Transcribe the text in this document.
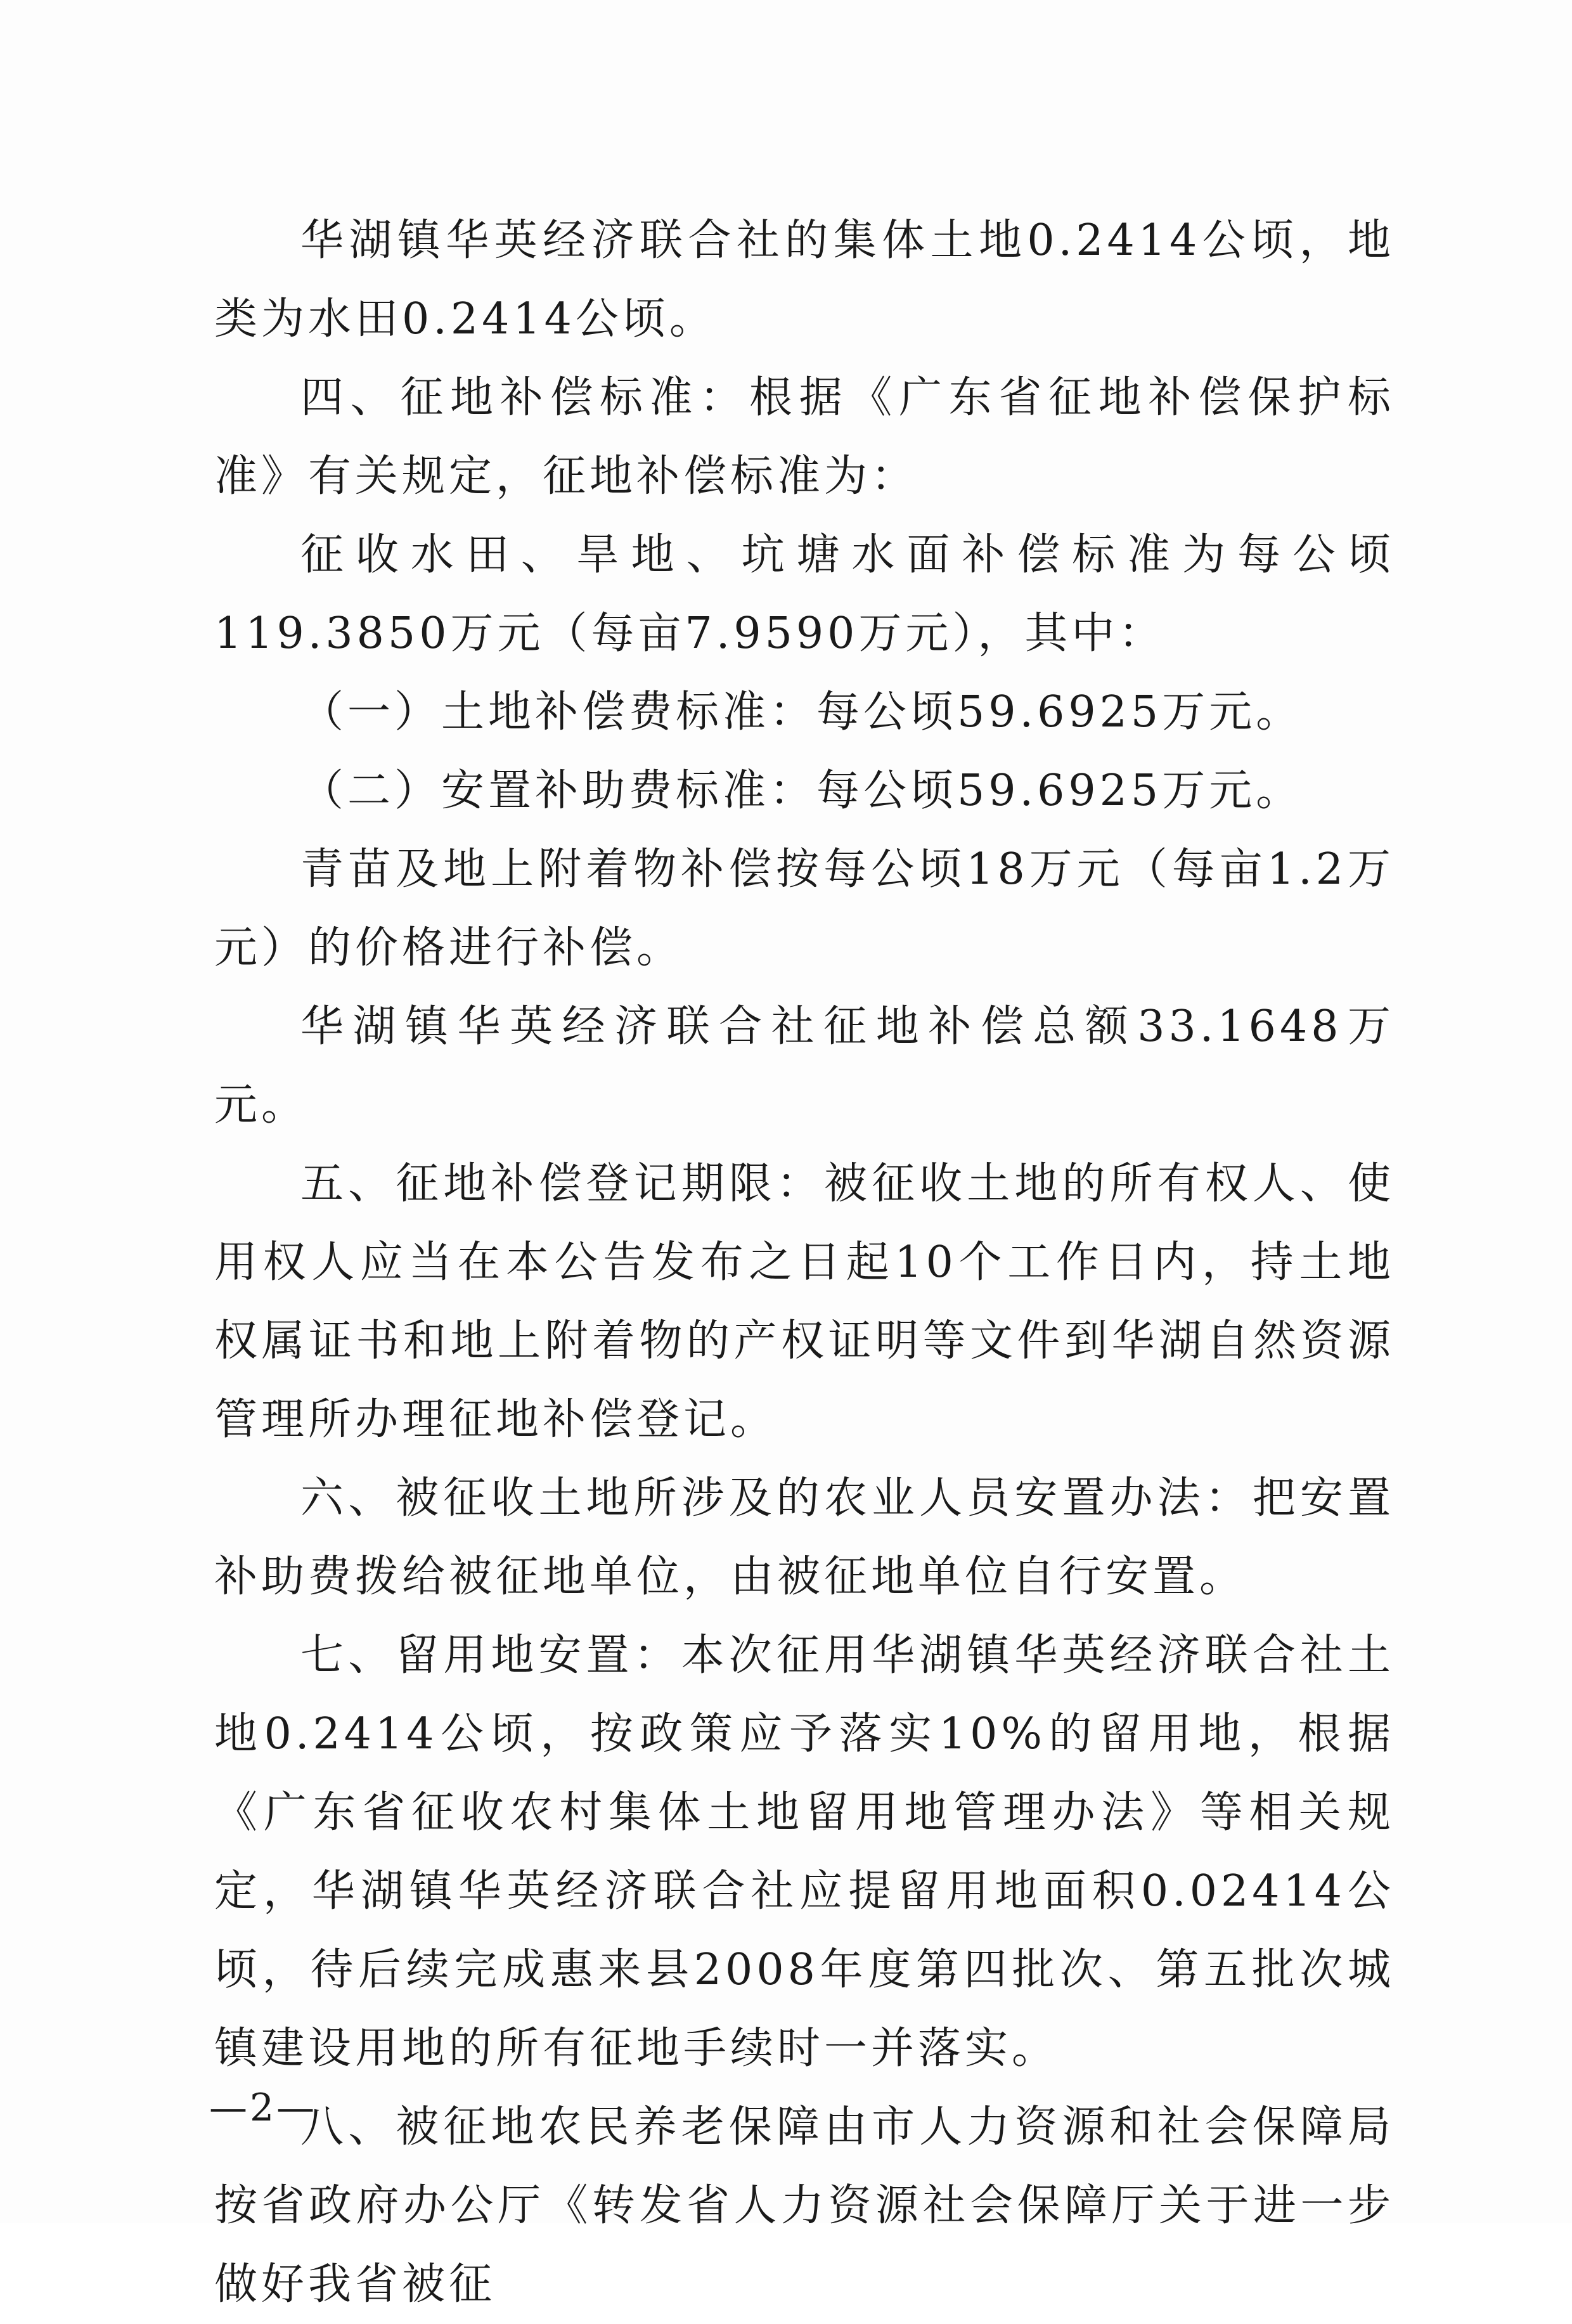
华湖镇华英经济联合社的集体土地0.2414公顷，地类为水田0.2414公顷。

四、征地补偿标准：根据《广东省征地补偿保护标准》有关规定，征地补偿标准为：

征收水田、旱地、坑塘水面补偿标准为每公顷119.3850万元（每亩7.9590万元），其中：

（一）土地补偿费标准：每公顷59.6925万元。

（二）安置补助费标准：每公顷59.6925万元。

青苗及地上附着物补偿按每公顷18万元（每亩1.2万元）的价格进行补偿。

华湖镇华英经济联合社征地补偿总额33.1648万元。

五、征地补偿登记期限：被征收土地的所有权人、使用权人应当在本公告发布之日起10个工作日内，持土地权属证书和地上附着物的产权证明等文件到华湖自然资源管理所办理征地补偿登记。

六、被征收土地所涉及的农业人员安置办法：把安置补助费拨给被征地单位，由被征地单位自行安置。

七、留用地安置：本次征用华湖镇华英经济联合社土地0.2414公顷，按政策应予落实10%的留用地，根据《广东省征收农村集体土地留用地管理办法》等相关规定，华湖镇华英经济联合社应提留用地面积0.02414公顷，待后续完成惠来县2008年度第四批次、第五批次城镇建设用地的所有征地手续时一并落实。

八、被征地农民养老保障由市人力资源和社会保障局按省政府办公厅《转发省人力资源社会保障厅关于进一步做好我省被征

—2—
